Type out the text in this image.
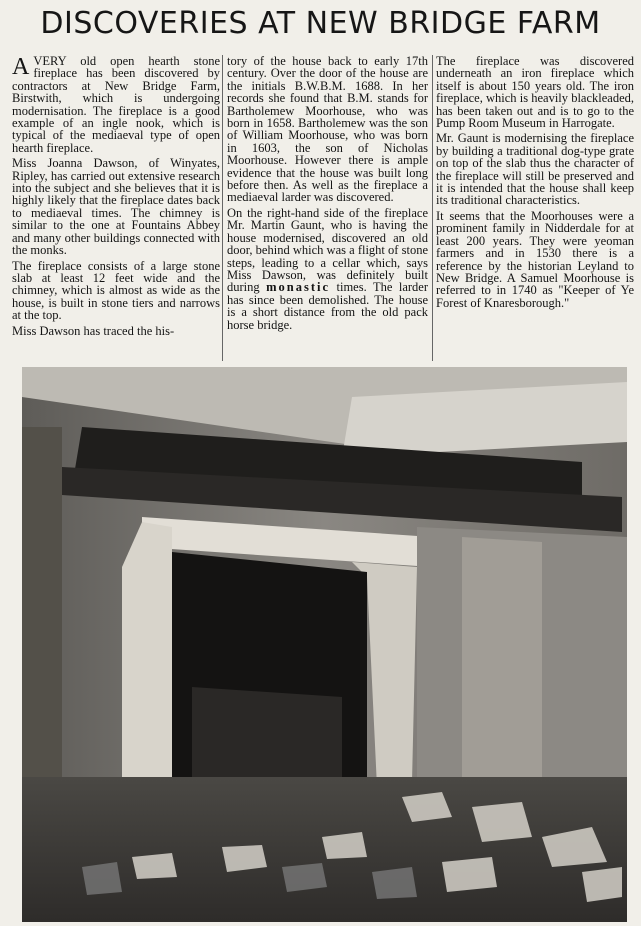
DISCOVERIES AT NEW BRIDGE FARM

AVERY old open hearth stone fireplace has been discovered by contractors at New Bridge Farm, Birstwith, which is undergoing modernisation. The fireplace is a good example of an ingle nook, which is typical of the mediaeval type of open hearth fireplace.

Miss Joanna Dawson, of Winyates, Ripley, has carried out extensive research into the subject and she believes that it is highly likely that the fireplace dates back to mediaeval times. The chimney is similar to the one at Fountains Abbey and many other buildings connected with the monks.

The fireplace consists of a large stone slab at least 12 feet wide and the chimney, which is almost as wide as the house, is built in stone tiers and narrows at the top.

Miss Dawson has traced the his-

tory of the house back to early 17th century. Over the door of the house are the initials B.W.B.M. 1688. In her records she found that B.M. stands for Bartholemew Moorhouse, who was born in 1658. Bartholemew was the son of William Moorhouse, who was born in 1603, the son of Nicholas Moorhouse. However there is ample evidence that the house was built long before then. As well as the fireplace a mediaeval larder was discovered.

On the right-hand side of the fireplace Mr. Martin Gaunt, who is having the house modernised, discovered an old door, behind which was a flight of stone steps, leading to a cellar which, says Miss Dawson, was definitely built during monastic times. The larder has since been demolished. The house is a short distance from the old pack horse bridge.

The fireplace was discovered underneath an iron fireplace which itself is about 150 years old. The iron fireplace, which is heavily blackleaded, has been taken out and is to go to the Pump Room Museum in Harrogate.

Mr. Gaunt is modernising the fireplace by building a traditional dog-type grate on top of the slab thus the character of the fireplace will still be preserved and it is intended that the house shall keep its traditional characteristics.

It seems that the Moorhouses were a prominent family in Nidderdale for at least 200 years. They were yeoman farmers and in 1530 there is a reference by the historian Leyland to New Bridge. A Samuel Moorhouse is referred to in 1740 as "Keeper of Ye Forest of Knaresborough."
